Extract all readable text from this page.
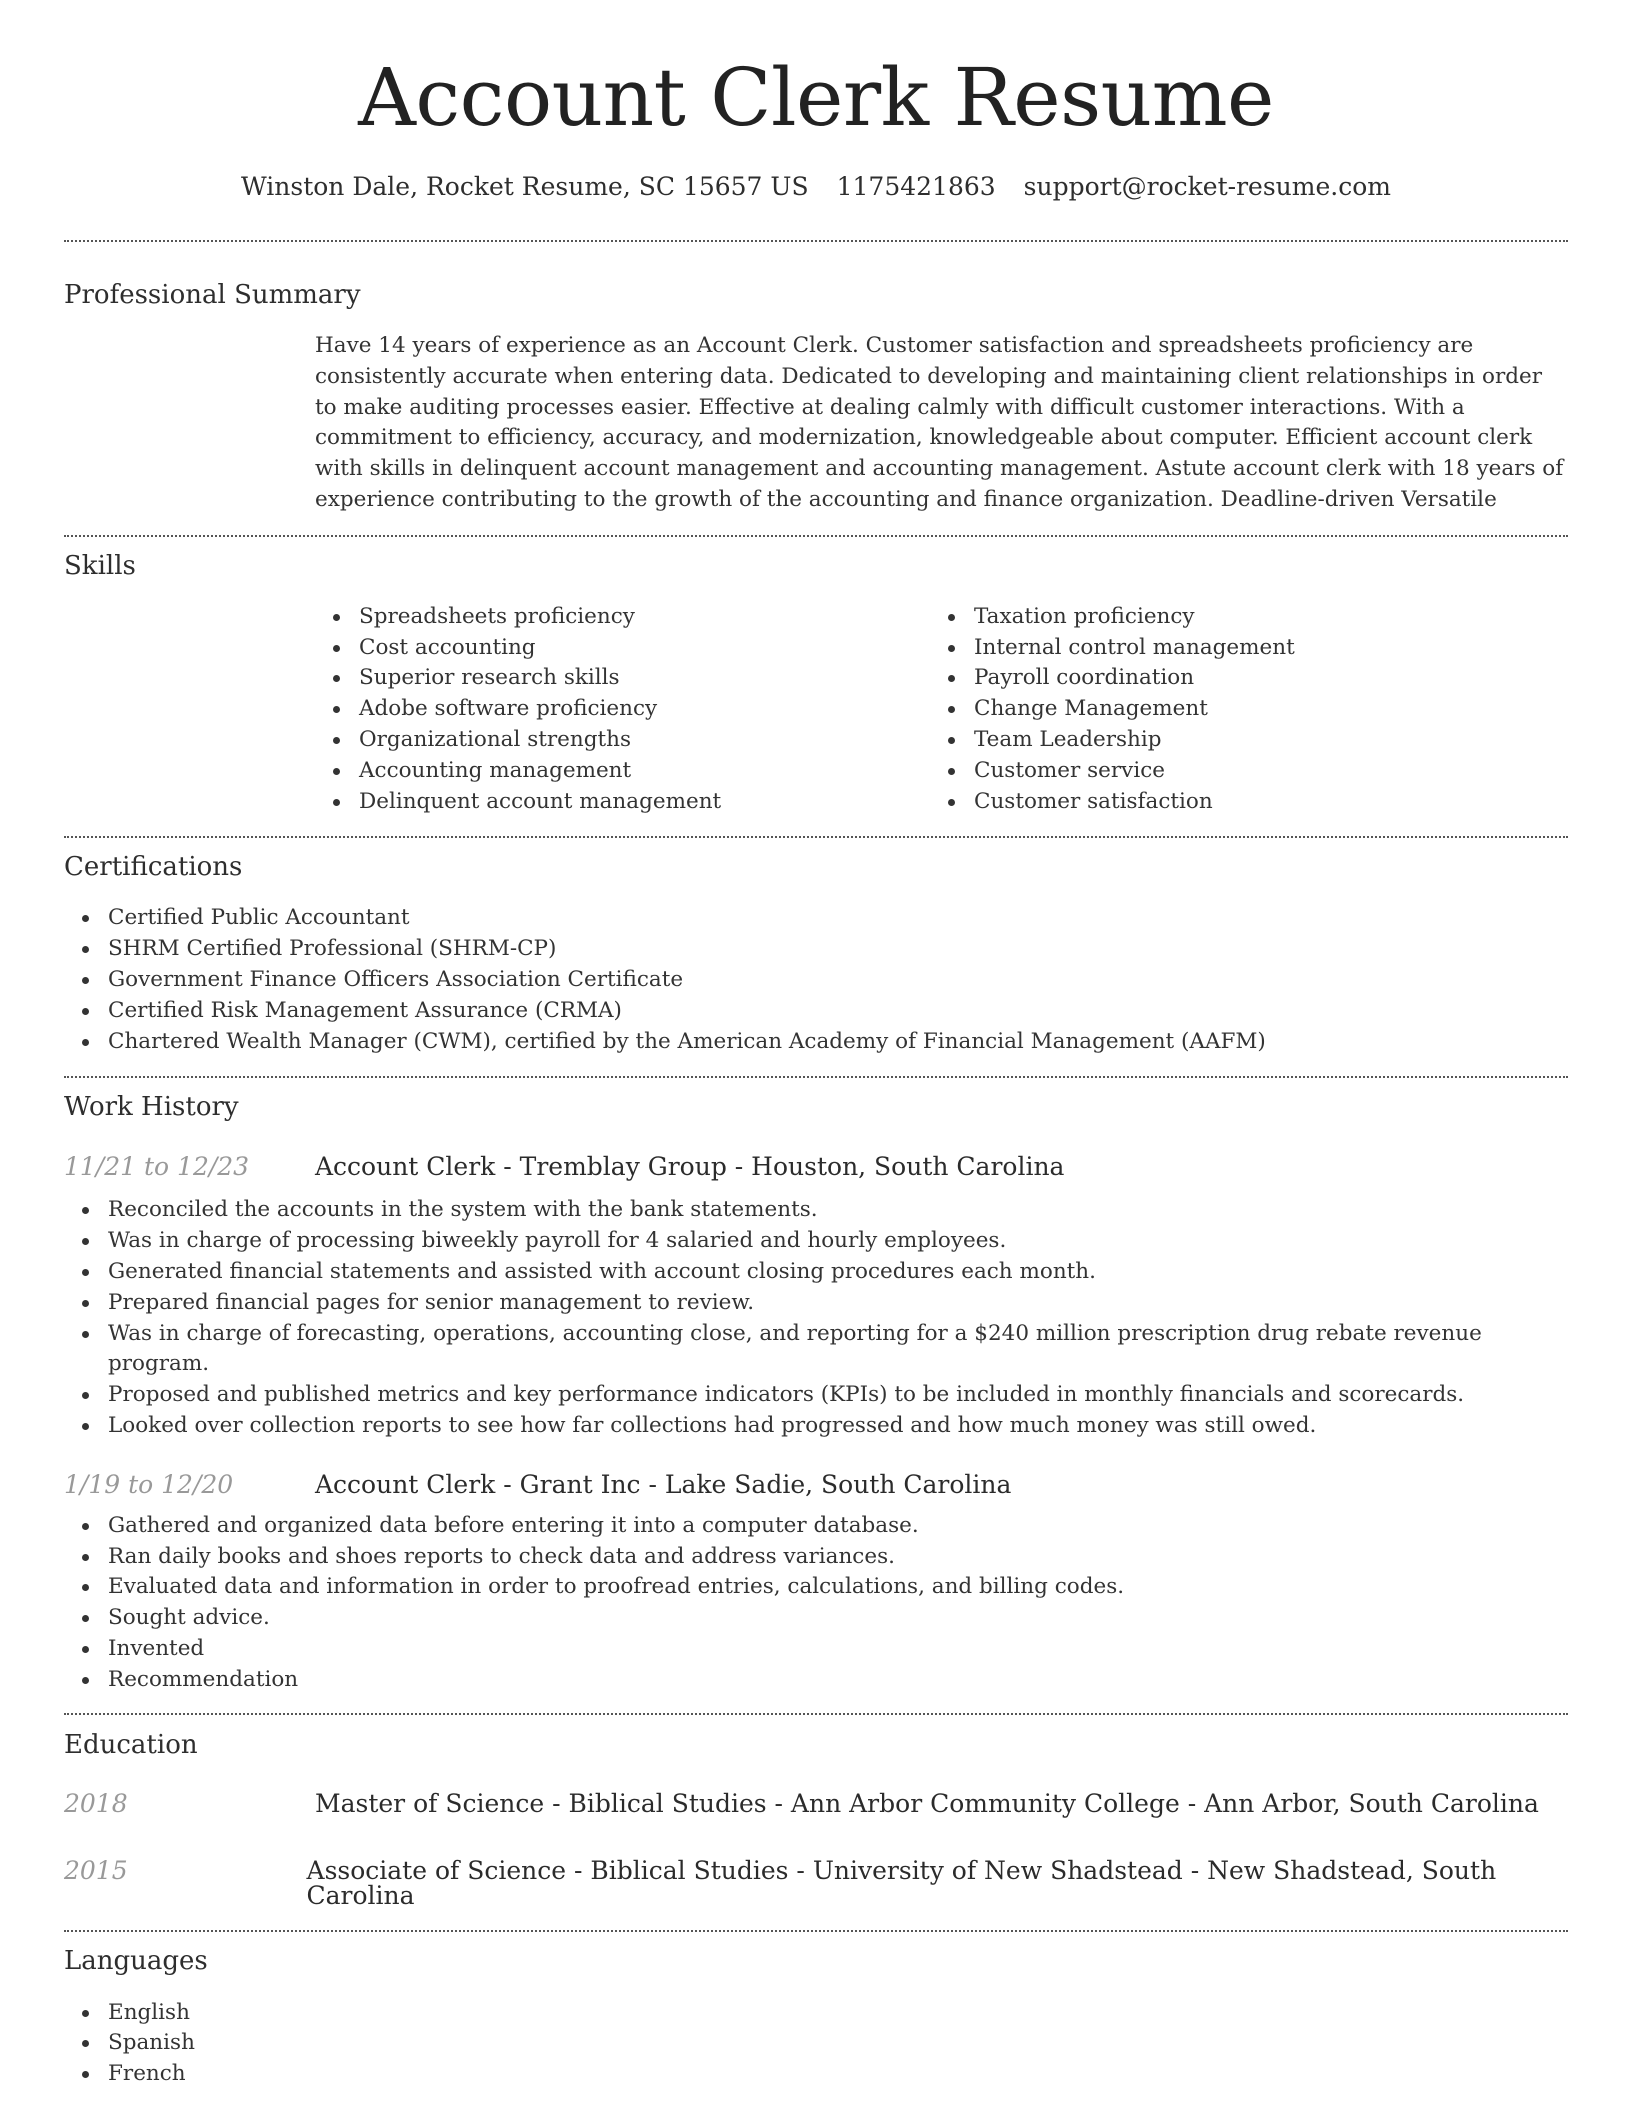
Account Clerk Resume
Winston Dale, Rocket Resume, SC 15657 US 1175421863 support@rocket-resume.com
Professional Summary
Have 14 years of experience as an Account Clerk. Customer satisfaction and spreadsheets proficiency are consistently accurate when entering data. Dedicated to developing and maintaining client relationships in order to make auditing processes easier. Effective at dealing calmly with difficult customer interactions. With a commitment to efficiency, accuracy, and modernization, knowledgeable about computer. Efficient account clerk with skills in delinquent account management and accounting management. Astute account clerk with 18 years of experience contributing to the growth of the accounting and finance organization. Deadline-driven Versatile
Skills
Spreadsheets proficiency
Cost accounting
Superior research skills
Adobe software proficiency
Organizational strengths
Accounting management
Delinquent account management
Taxation proficiency
Internal control management
Payroll coordination
Change Management
Team Leadership
Customer service
Customer satisfaction
Certifications
Certified Public Accountant
SHRM Certified Professional (SHRM-CP)
Government Finance Officers Association Certificate
Certified Risk Management Assurance (CRMA)
Chartered Wealth Manager (CWM), certified by the American Academy of Financial Management (AAFM)
Work History
11/21 to 12/23	Account Clerk - Tremblay Group - Houston, South Carolina
Reconciled the accounts in the system with the bank statements.
Was in charge of processing biweekly payroll for 4 salaried and hourly employees.
Generated financial statements and assisted with account closing procedures each month.
Prepared financial pages for senior management to review.
Was in charge of forecasting, operations, accounting close, and reporting for a $240 million prescription drug rebate revenue program.
Proposed and published metrics and key performance indicators (KPIs) to be included in monthly financials and scorecards.
Looked over collection reports to see how far collections had progressed and how much money was still owed.
1/19 to 12/20	Account Clerk - Grant Inc - Lake Sadie, South Carolina
Gathered and organized data before entering it into a computer database.
Ran daily books and shoes reports to check data and address variances.
Evaluated data and information in order to proofread entries, calculations, and billing codes.
Sought advice.
Invented
Recommendation
Education
2018	Master of Science - Biblical Studies - Ann Arbor Community College - Ann Arbor, South Carolina
2015	Associate of Science - Biblical Studies - University of New Shadstead - New Shadstead, South Carolina
Languages
English
Spanish
French
